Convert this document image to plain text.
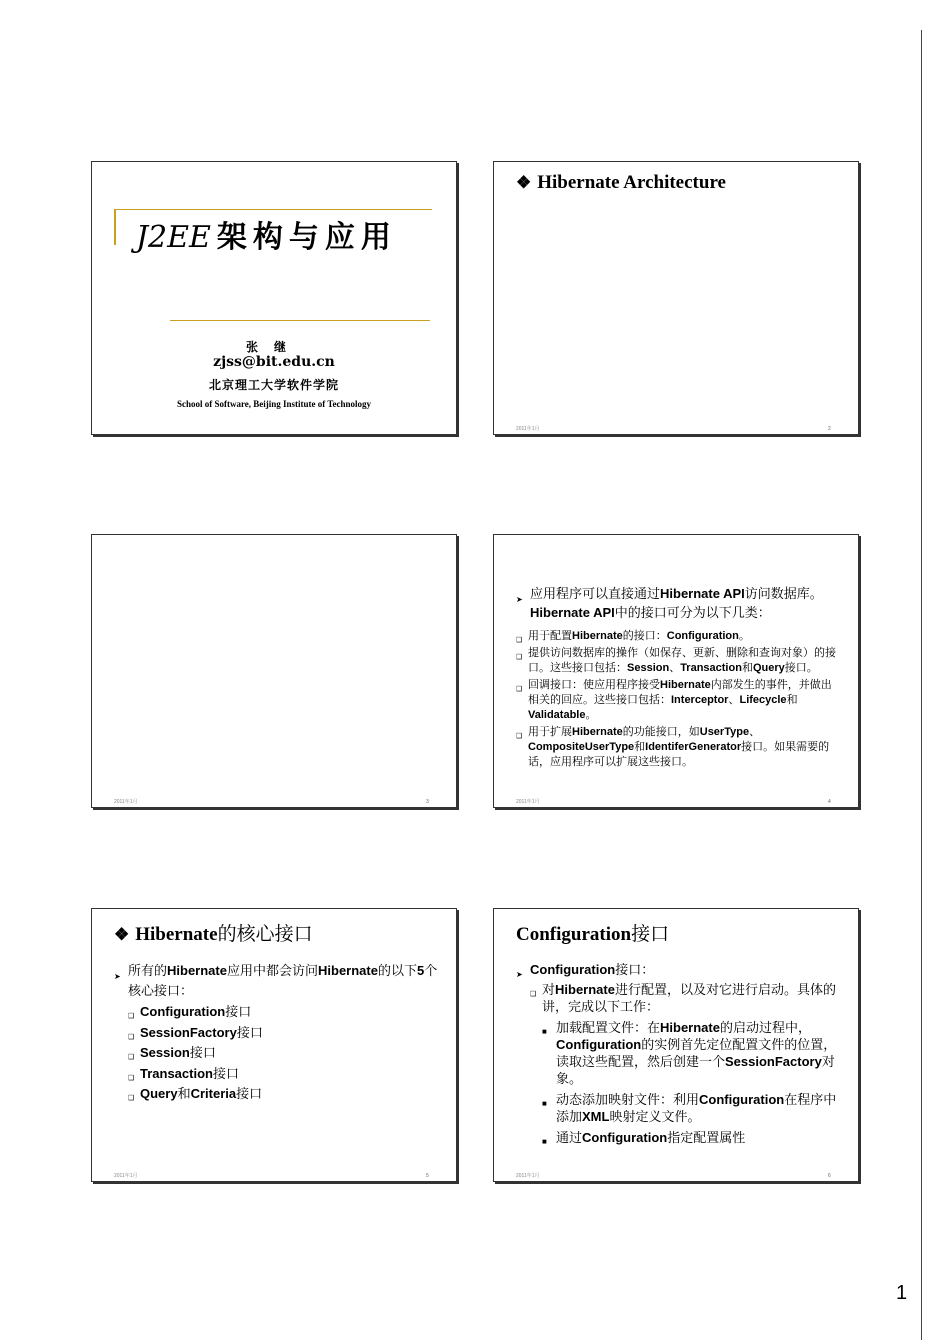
J2EE 架构与应用
张继
zjss@bit.edu.cn
北京理工大学软件学院
School of Software, Beijing Institute of Technology
❖ Hibernate Architecture
2011年1月	2
2011年1月	3
➤ 应用程序可以直接通过Hibernate API访问数据库。Hibernate API中的接口可分为以下几类：
❑ 用于配置Hibernate的接口：Configuration。
❑ 提供访问数据库的操作（如保存、更新、删除和查询对象）的接口。这些接口包括：Session、Transaction和Query接口。
❑ 回调接口：使应用程序接受Hibernate内部发生的事件，并做出相关的回应。这些接口包括：Interceptor、Lifecycle和Validatable。
❑ 用于扩展Hibernate的功能接口，如UserType、CompositeUserType和IdentiferGenerator接口。如果需要的话，应用程序可以扩展这些接口。
2011年1月	4
❖ Hibernate的核心接口
➤ 所有的Hibernate应用中都会访问Hibernate的以下5个核心接口：
❑ Configuration接口
❑ SessionFactory接口
❑ Session接口
❑ Transaction接口
❑ Query和Criteria接口
2011年1月	5
Configuration接口
➤ Configuration接口：
❑ 对Hibernate进行配置，以及对它进行启动。具体的讲，完成以下工作：
■ 加载配置文件：在Hibernate的启动过程中，Configuration的实例首先定位配置文件的位置，读取这些配置，然后创建一个SessionFactory对象。
■ 动态添加映射文件：利用Configuration在程序中添加XML映射定义文件。
■ 通过Configuration指定配置属性
2011年1月	6
1
